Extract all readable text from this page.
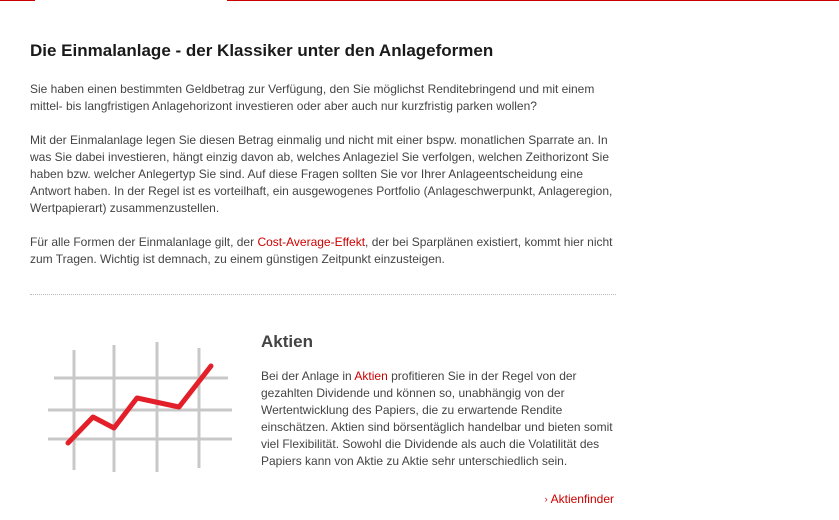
Die Einmalanlage - der Klassiker unter den Anlageformen

Sie haben einen bestimmten Geldbetrag zur Verfügung, den Sie möglichst Renditebringend und mit einem mittel- bis langfristigen Anlagehorizont investieren oder aber auch nur kurzfristig parken wollen?

Mit der Einmalanlage legen Sie diesen Betrag einmalig und nicht mit einer bspw. monatlichen Sparrate an. In was Sie dabei investieren, hängt einzig davon ab, welches Anlageziel Sie verfolgen, welchen Zeithorizont Sie haben bzw. welcher Anlegertyp Sie sind. Auf diese Fragen sollten Sie vor Ihrer Anlageentscheidung eine Antwort haben. In der Regel ist es vorteilhaft, ein ausgewogenes Portfolio (Anlageschwerpunkt, Anlageregion, Wertpapierart) zusammenzustellen.

Für alle Formen der Einmalanlage gilt, der Cost-Average-Effekt, der bei Sparplänen existiert, kommt hier nicht zum Tragen. Wichtig ist demnach, zu einem günstigen Zeitpunkt einzusteigen.

Aktien

Bei der Anlage in Aktien profitieren Sie in der Regel von der gezahlten Dividende und können so, unabhängig von der Wertentwicklung des Papiers, die zu erwartende Rendite einschätzen. Aktien sind börsentäglich handelbar und bieten somit viel Flexibilität. Sowohl die Dividende als auch die Volatilität des Papiers kann von Aktie zu Aktie sehr unterschiedlich sein.

› Aktienfinder
